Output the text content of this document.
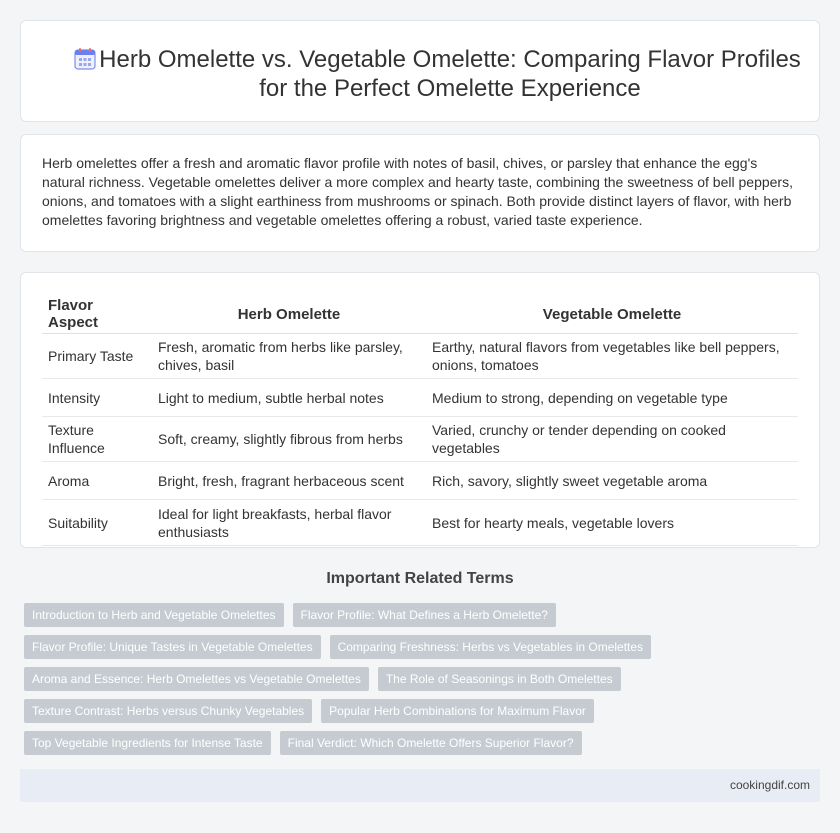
Herb Omelette vs. Vegetable Omelette: Comparing Flavor Profiles for the Perfect Omelette Experience

Herb omelettes offer a fresh and aromatic flavor profile with notes of basil, chives, or parsley that enhance the egg's natural richness. Vegetable omelettes deliver a more complex and hearty taste, combining the sweetness of bell peppers, onions, and tomatoes with a slight earthiness from mushrooms or spinach. Both provide distinct layers of flavor, with herb omelettes favoring brightness and vegetable omelettes offering a robust, varied taste experience.

Flavor Aspect	Herb Omelette	Vegetable Omelette
Primary Taste	Fresh, aromatic from herbs like parsley, chives, basil	Earthy, natural flavors from vegetables like bell peppers, onions, tomatoes
Intensity	Light to medium, subtle herbal notes	Medium to strong, depending on vegetable type
Texture Influence	Soft, creamy, slightly fibrous from herbs	Varied, crunchy or tender depending on cooked vegetables
Aroma	Bright, fresh, fragrant herbaceous scent	Rich, savory, slightly sweet vegetable aroma
Suitability	Ideal for light breakfasts, herbal flavor enthusiasts	Best for hearty meals, vegetable lovers
Important Related Terms
Introduction to Herb and Vegetable Omelettes	Flavor Profile: What Defines a Herb Omelette?
Flavor Profile: Unique Tastes in Vegetable Omelettes	Comparing Freshness: Herbs vs Vegetables in Omelettes
Aroma and Essence: Herb Omelettes vs Vegetable Omelettes	The Role of Seasonings in Both Omelettes
Texture Contrast: Herbs versus Chunky Vegetables	Popular Herb Combinations for Maximum Flavor
Top Vegetable Ingredients for Intense Taste	Final Verdict: Which Omelette Offers Superior Flavor?
cookingdif.com
